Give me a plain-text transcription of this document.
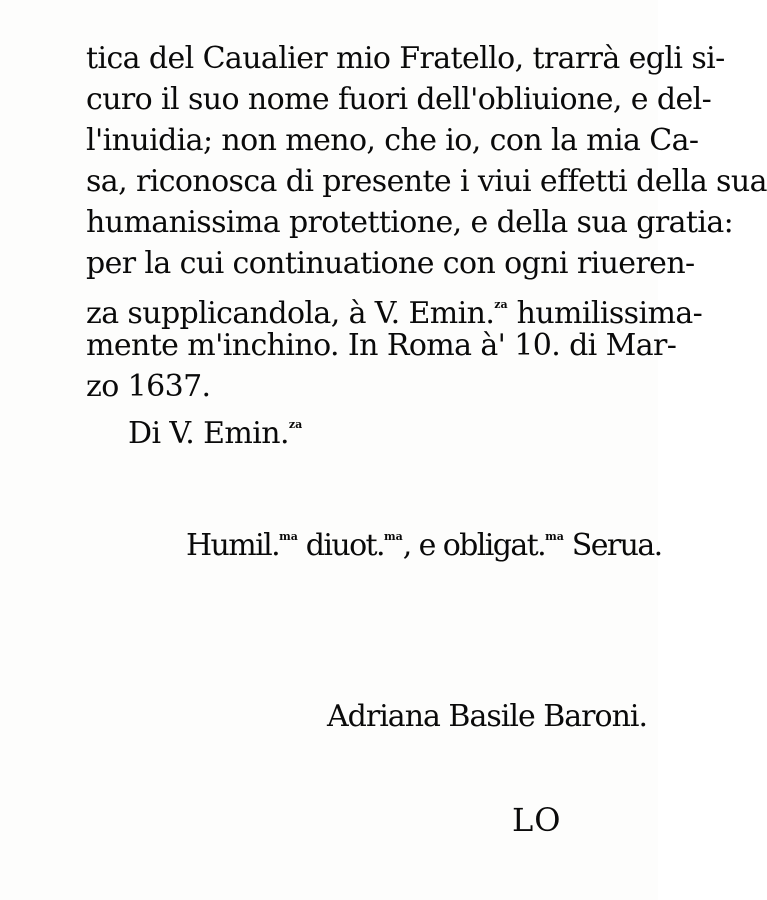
tica del Caualier mio Fratello, trarrà egli si-
curo il suo nome fuori dell'obliuione, e del-
l'inuidia; non meno, che io, con la mia Ca-
sa, riconosca di presente i viui effetti della sua
humanissima protettione, e della sua gratia:
per la cui continuatione con ogni riueren-
za supplicandola, à V. Emin.$^{za}$ humilissima-
mente m'inchino. In Roma à' 10. di Mar-
zo 1637.
Di V. Emin.$^{za}$
Humil.$^{ma}$ diuot.$^{ma}$, e obligat.$^{ma}$ Serua.
Adriana Basile Baroni.
LO
